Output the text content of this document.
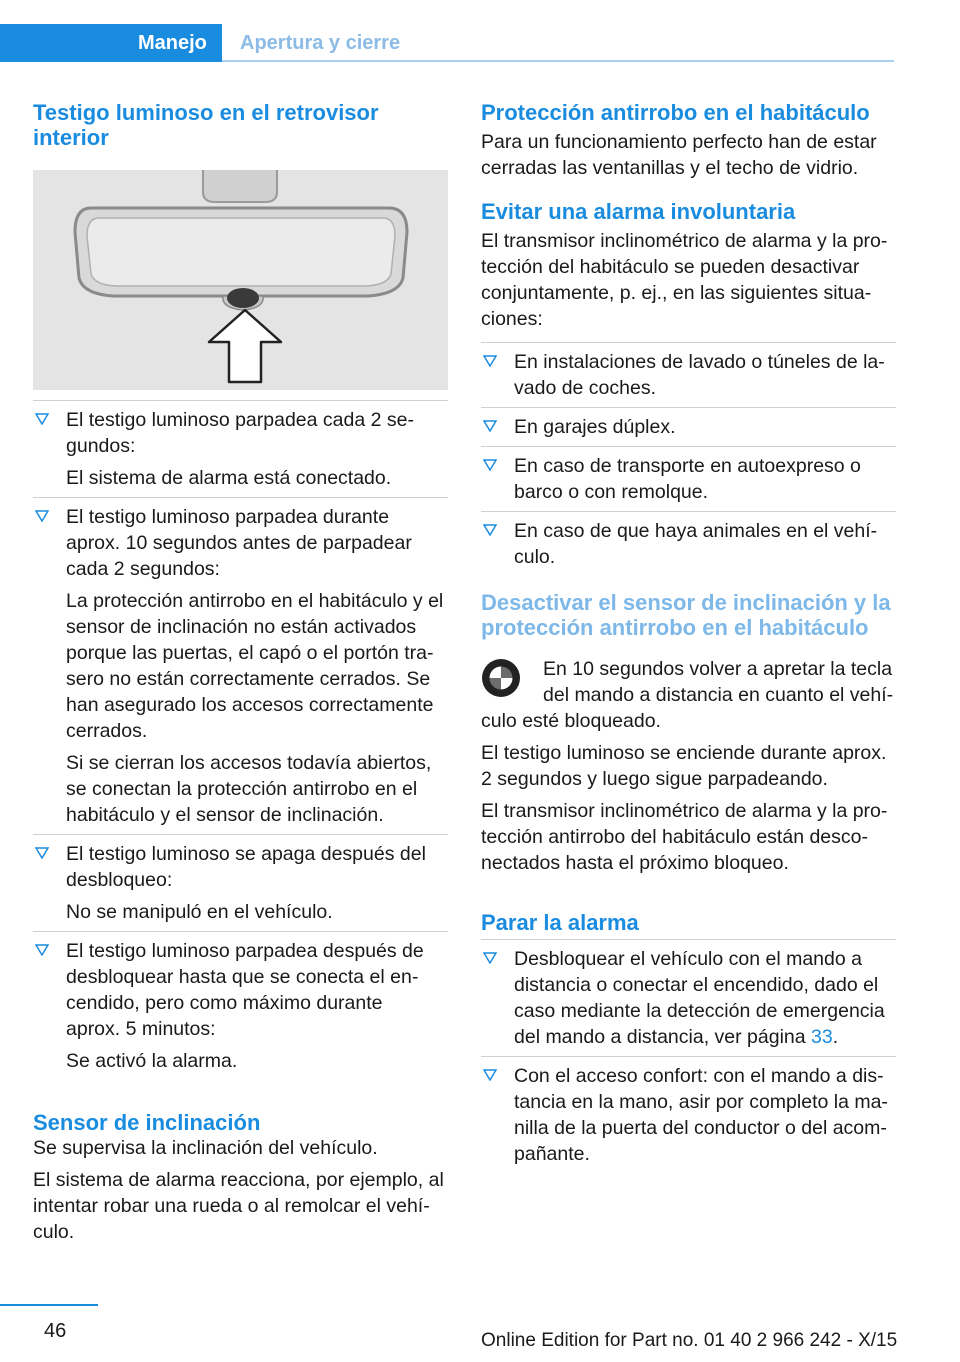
Manejo	Apertura y cierre
Testigo luminoso en el retrovisor interior

El testigo luminoso parpadea cada 2 se-

gundos:

El sistema de alarma está conectado.

El testigo luminoso parpadea durante

aprox. 10 segundos antes de parpadear

cada 2 segundos:

La protección antirrobo en el habitáculo y el sensor de inclinación no están activados porque las puertas, el capó o el portón tra-sero no están correctamente cerrados. Se han asegurado los accesos correctamente cerrados.

Si se cierran los accesos todavía abiertos, se conectan la protección antirrobo en el habitáculo y el sensor de inclinación.

El testigo luminoso se apaga después del

desbloqueo:

No se manipuló en el vehículo.

El testigo luminoso parpadea después de

desbloquear hasta que se conecta el en-

cendido, pero como máximo durante

aprox. 5 minutos:

Se activó la alarma.

Sensor de inclinación

Se supervisa la inclinación del vehículo.

El sistema de alarma reacciona, por ejemplo, al intentar robar una rueda o al remolcar el vehí-culo.

Protección antirrobo en el habitáculo

Para un funcionamiento perfecto han de estar cerradas las ventanillas y el techo de vidrio.

Evitar una alarma involuntaria

El transmisor inclinométrico de alarma y la pro-tección del habitáculo se pueden desactivar conjuntamente, p. ej., en las siguientes situa-ciones:

En instalaciones de lavado o túneles de la-vado de coches.

En garajes dúplex.

En caso de transporte en autoexpreso o barco o con remolque.

En caso de que haya animales en el vehí-culo.

Desactivar el sensor de inclinación y la protección antirrobo en el habitáculo

En 10 segundos volver a apretar la tecla

del mando a distancia en cuanto el vehí-

culo esté bloqueado.

El testigo luminoso se enciende durante aprox. 2 segundos y luego sigue parpadeando.

El transmisor inclinométrico de alarma y la pro-tección antirrobo del habitáculo están desco-nectados hasta el próximo bloqueo.

Parar la alarma

Desbloquear el vehículo con el mando a distancia o conectar el encendido, dado el caso mediante la detección de emergencia del mando a distancia, ver página 33.

Con el acceso confort: con el mando a dis-tancia en la mano, asir por completo la ma-nilla de la puerta del conductor o del acom-pañante.

46	Online Edition for Part no. 01 40 2 966 242 - X/15
